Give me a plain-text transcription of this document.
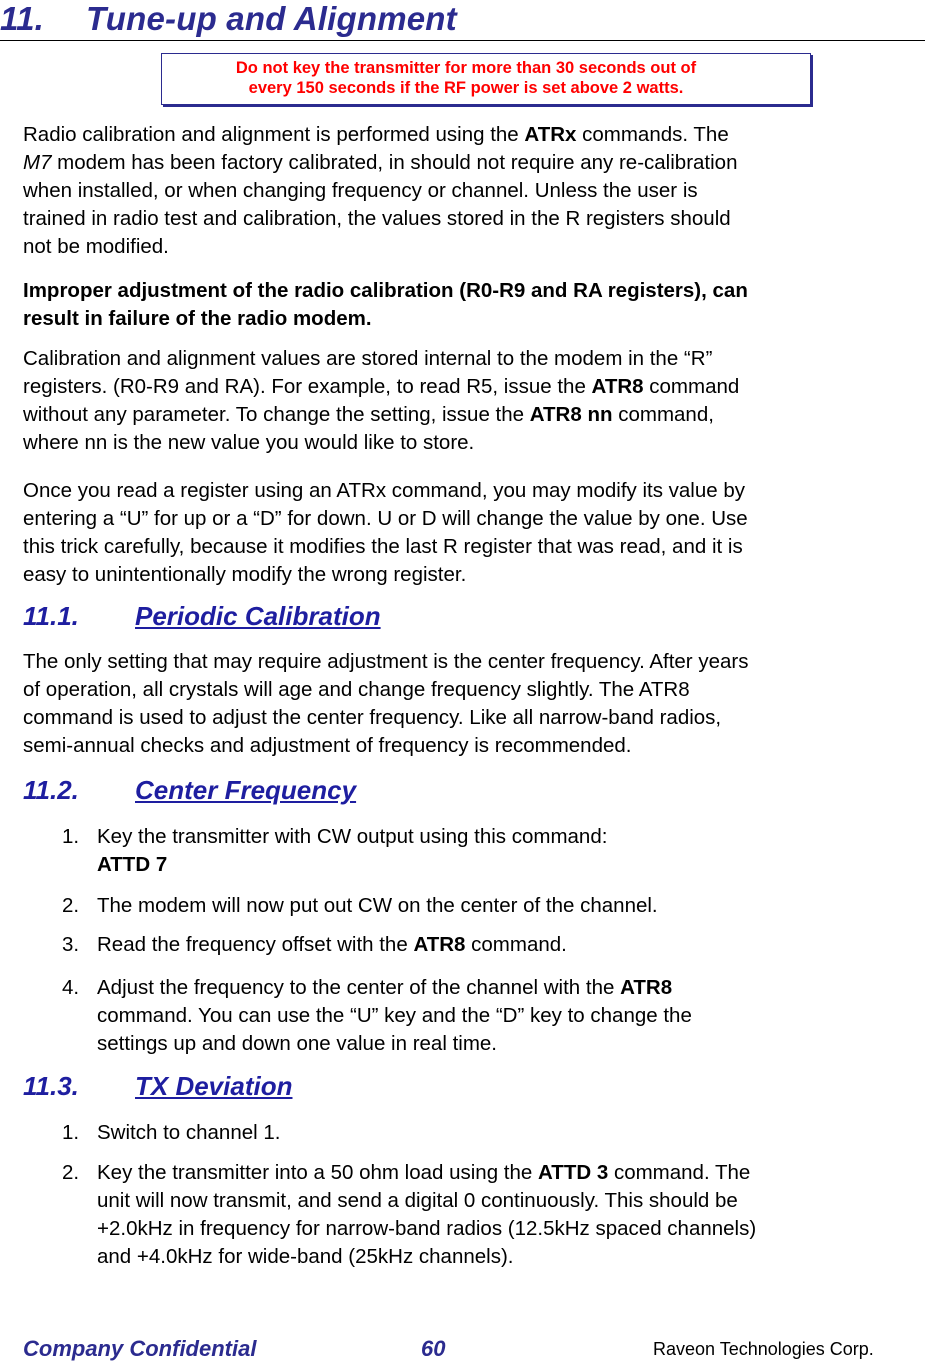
11. Tune-up and Alignment
Do not key the transmitter for more than 30 seconds out of
every 150 seconds if the RF power is set above 2 watts.
Radio calibration and alignment is performed using the ATRx commands. The
M7 modem has been factory calibrated, in should not require any re-calibration
when installed, or when changing frequency or channel. Unless the user is
trained in radio test and calibration, the values stored in the R registers should
not be modified.
Improper adjustment of the radio calibration (R0-R9 and RA registers), can
result in failure of the radio modem.
Calibration and alignment values are stored internal to the modem in the “R”
registers. (R0-R9 and RA). For example, to read R5, issue the ATR8 command
without any parameter. To change the setting, issue the ATR8 nn command,
where nn is the new value you would like to store.
Once you read a register using an ATRx command, you may modify its value by
entering a “U” for up or a “D” for down. U or D will change the value by one. Use
this trick carefully, because it modifies the last R register that was read, and it is
easy to unintentionally modify the wrong register.
11.1. Periodic Calibration
The only setting that may require adjustment is the center frequency. After years
of operation, all crystals will age and change frequency slightly. The ATR8
command is used to adjust the center frequency. Like all narrow-band radios,
semi-annual checks and adjustment of frequency is recommended.
11.2. Center Frequency
1. Key the transmitter with CW output using this command:
ATTD 7
2. The modem will now put out CW on the center of the channel.
3. Read the frequency offset with the ATR8 command.
4. Adjust the frequency to the center of the channel with the ATR8
command. You can use the “U” key and the “D” key to change the
settings up and down one value in real time.
11.3. TX Deviation
1. Switch to channel 1.
2. Key the transmitter into a 50 ohm load using the ATTD 3 command. The
unit will now transmit, and send a digital 0 continuously. This should be
+2.0kHz in frequency for narrow-band radios (12.5kHz spaced channels)
and +4.0kHz for wide-band (25kHz channels).
Company Confidential	60	Raveon Technologies Corp.
